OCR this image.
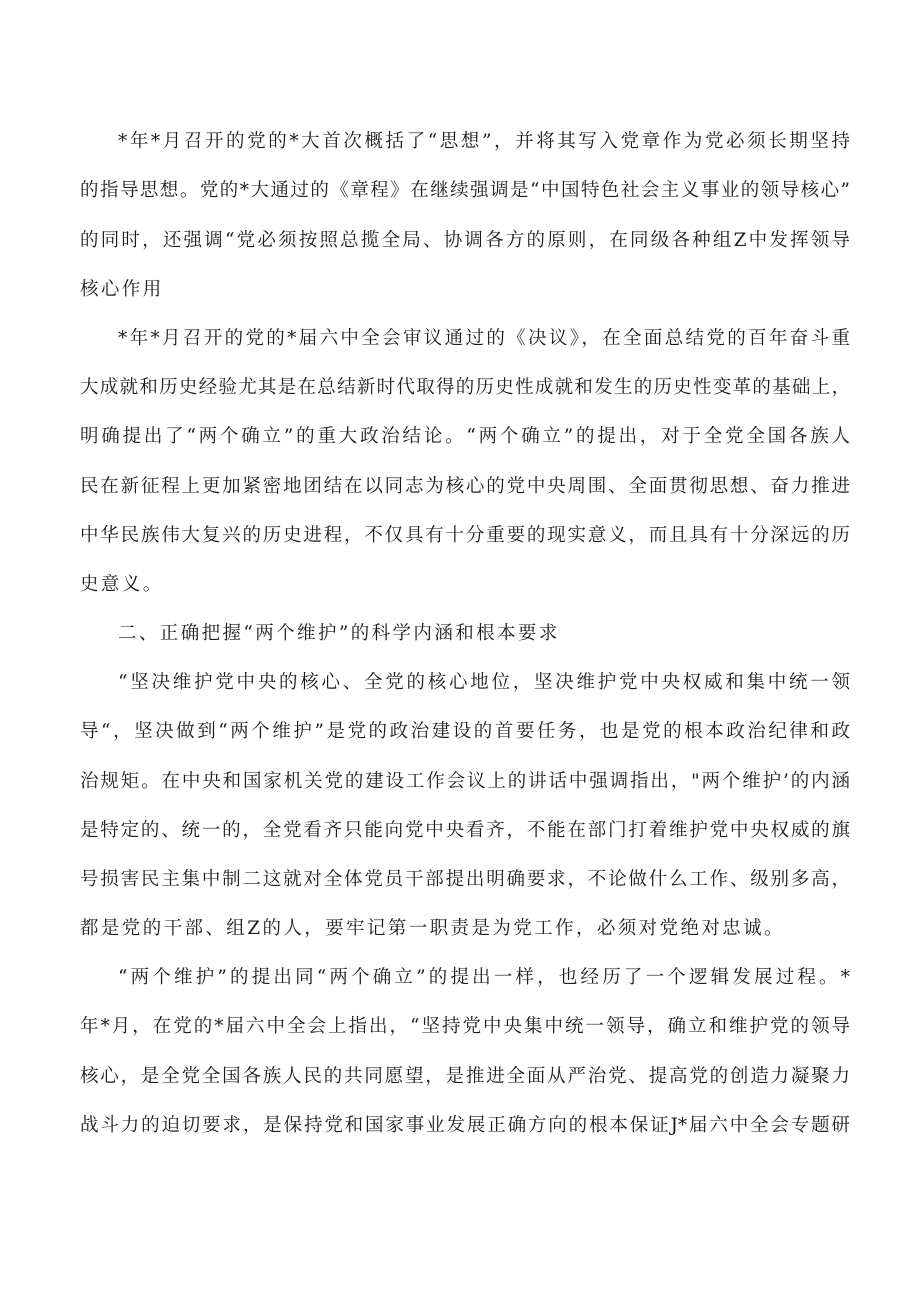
*年*月召开的党的*大首次概括了“思想”，并将其写入党章作为党必须长期坚持
的指导思想。党的*大通过的《章程》在继续强调是“中国特色社会主义事业的领导核心”
的同时，还强调“党必须按照总揽全局、协调各方的原则，在同级各种组Z中发挥领导
核心作用
*年*月召开的党的*届六中全会审议通过的《决议》，在全面总结党的百年奋斗重
大成就和历史经验尤其是在总结新时代取得的历史性成就和发生的历史性变革的基础上，
明确提出了“两个确立”的重大政治结论。“两个确立”的提出，对于全党全国各族人
民在新征程上更加紧密地团结在以同志为核心的党中央周围、全面贯彻思想、奋力推进
中华民族伟大复兴的历史进程，不仅具有十分重要的现实意义，而且具有十分深远的历
史意义。
二、正确把握“两个维护”的科学内涵和根本要求
“坚决维护党中央的核心、全党的核心地位，坚决维护党中央权威和集中统一领
导“，坚决做到“两个维护”是党的政治建设的首要任务，也是党的根本政治纪律和政
治规矩。在中央和国家机关党的建设工作会议上的讲话中强调指出，"两个维护’的内涵
是特定的、统一的，全党看齐只能向党中央看齐，不能在部门打着维护党中央权威的旗
号损害民主集中制二这就对全体党员干部提出明确要求，不论做什么工作、级别多高，
都是党的干部、组Z的人，要牢记第一职责是为党工作，必须对党绝对忠诚。
“两个维护”的提出同“两个确立”的提出一样，也经历了一个逻辑发展过程。*
年*月，在党的*届六中全会上指出，“坚持党中央集中统一领导，确立和维护党的领导
核心，是全党全国各族人民的共同愿望，是推进全面从严治党、提高党的创造力凝聚力
战斗力的迫切要求，是保持党和国家事业发展正确方向的根本保证J*届六中全会专题研
